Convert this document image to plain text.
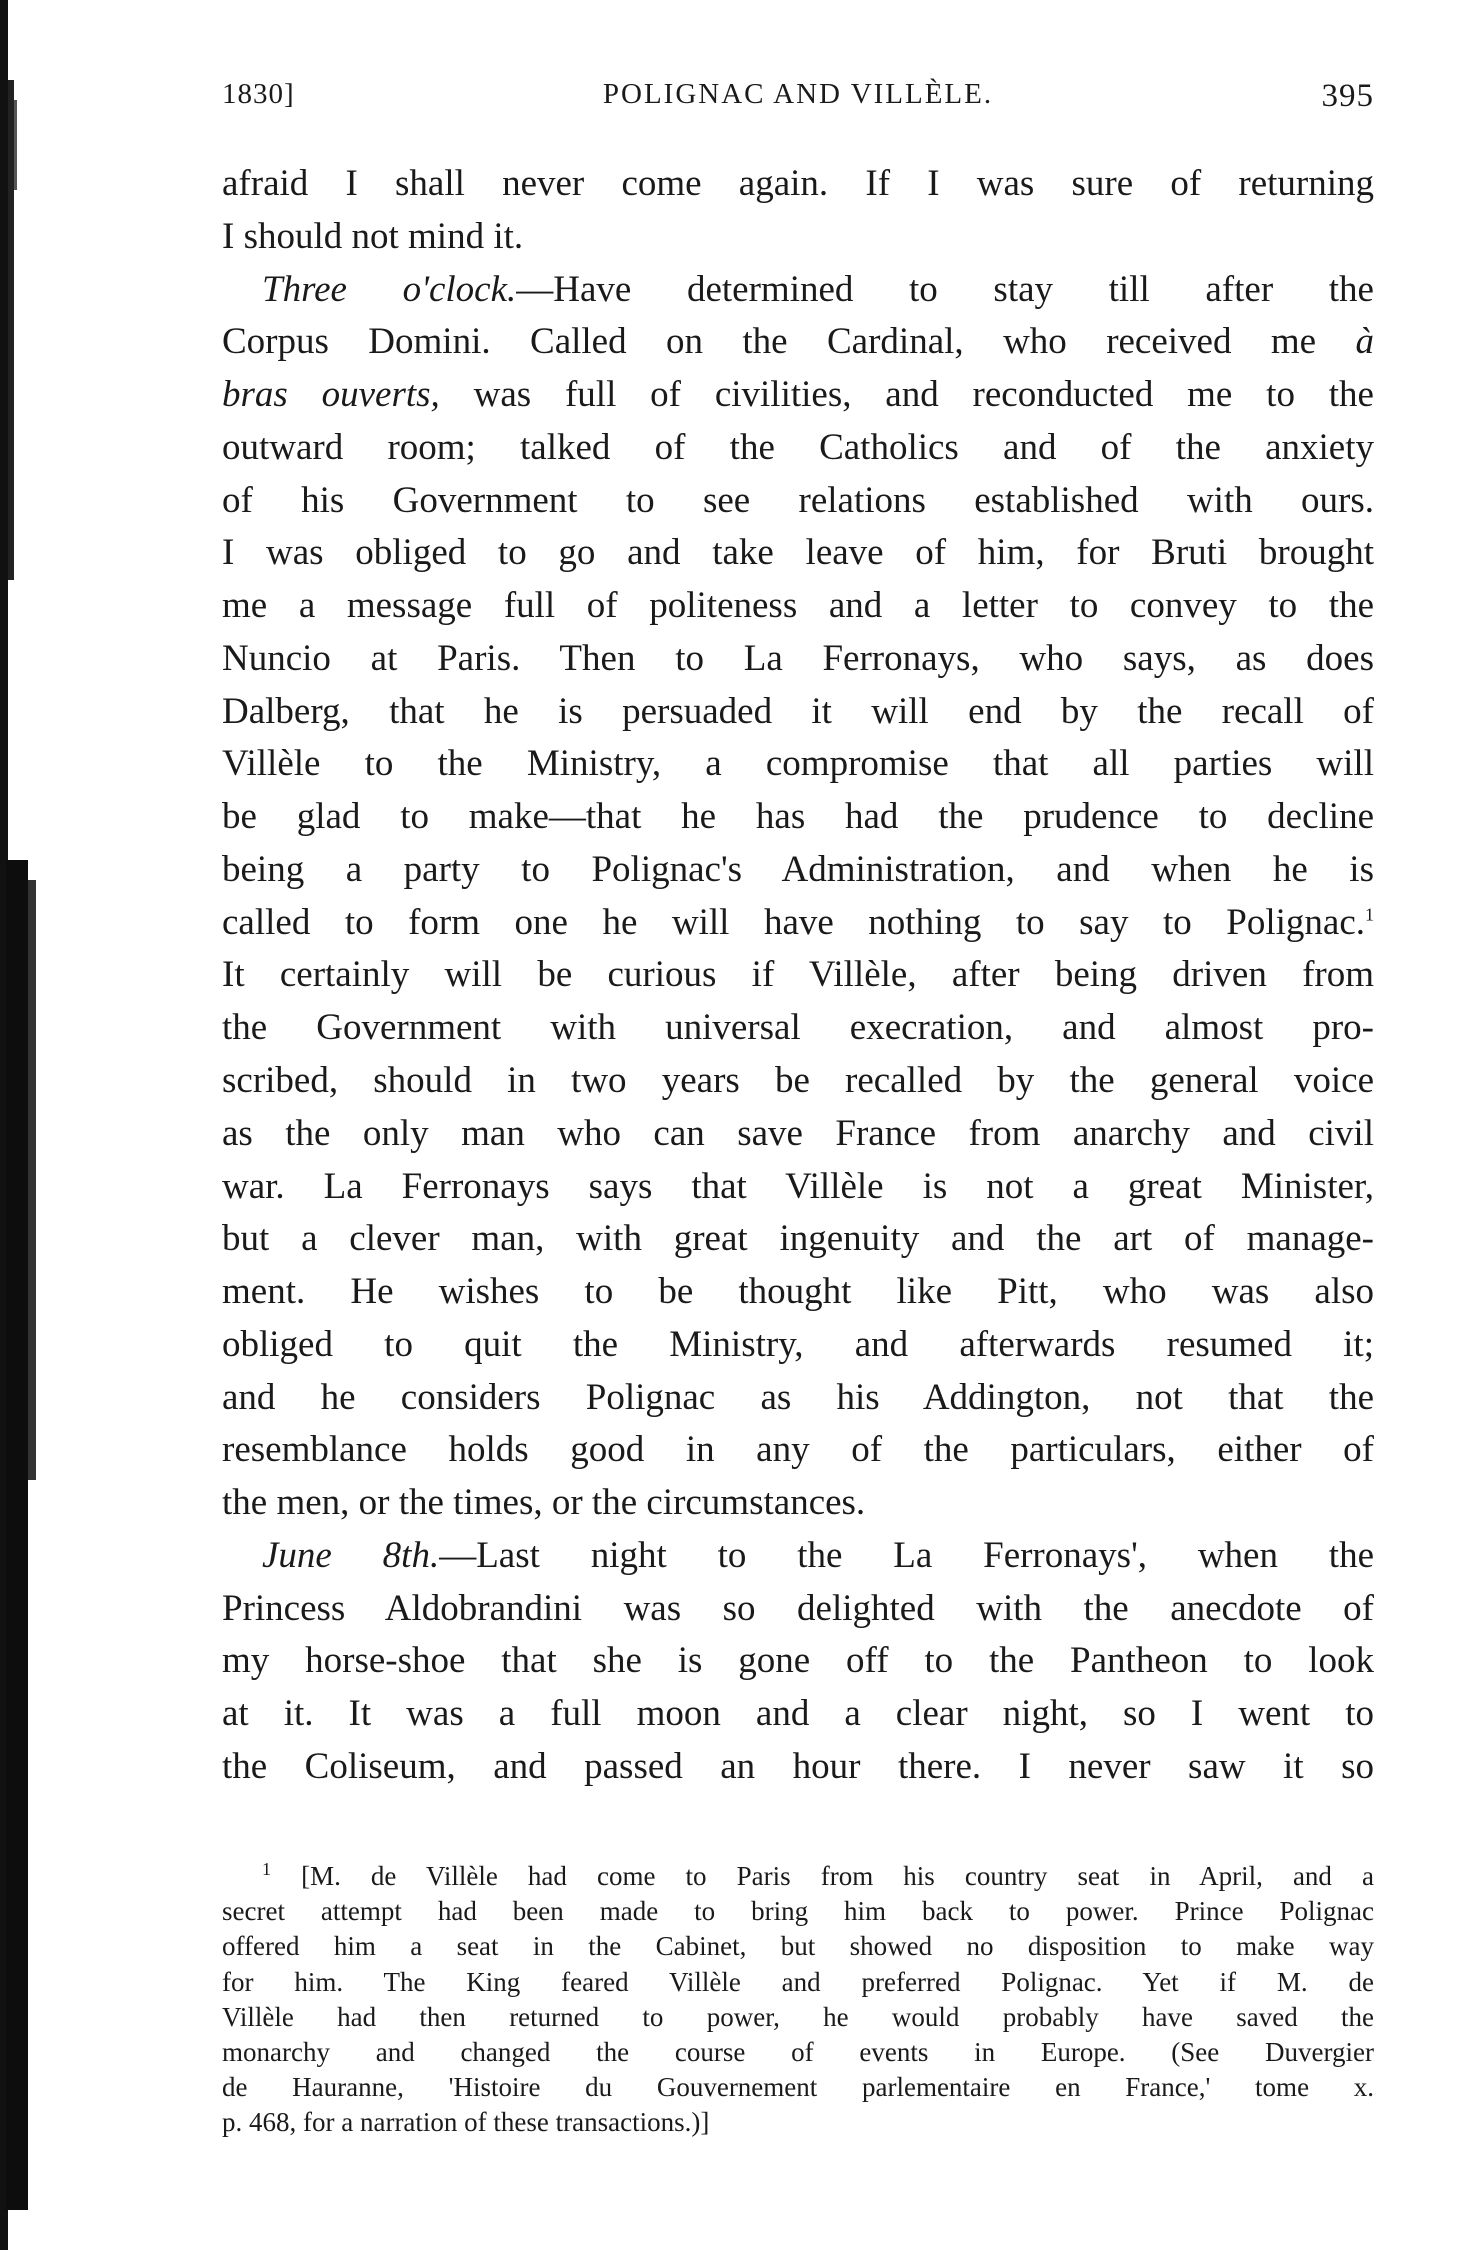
1830]	POLIGNAC AND VILLÈLE.	395
afraid I shall never come again. If I was sure of returning
I should not mind it.
Three o'clock.—Have determined to stay till after the
Corpus Domini. Called on the Cardinal, who received me à
bras ouverts, was full of civilities, and reconducted me to the
outward room; talked of the Catholics and of the anxiety
of his Government to see relations established with ours.
I was obliged to go and take leave of him, for Bruti brought
me a message full of politeness and a letter to convey to the
Nuncio at Paris. Then to La Ferronays, who says, as does
Dalberg, that he is persuaded it will end by the recall of
Villèle to the Ministry, a compromise that all parties will
be glad to make—that he has had the prudence to decline
being a party to Polignac's Administration, and when he is
called to form one he will have nothing to say to Polignac.$^1$
It certainly will be curious if Villèle, after being driven from
the Government with universal execration, and almost pro-
scribed, should in two years be recalled by the general voice
as the only man who can save France from anarchy and civil
war. La Ferronays says that Villèle is not a great Minister,
but a clever man, with great ingenuity and the art of manage-
ment. He wishes to be thought like Pitt, who was also
obliged to quit the Ministry, and afterwards resumed it;
and he considers Polignac as his Addington, not that the
resemblance holds good in any of the particulars, either of
the men, or the times, or the circumstances.
June 8th.—Last night to the La Ferronays', when the
Princess Aldobrandini was so delighted with the anecdote of
my horse-shoe that she is gone off to the Pantheon to look
at it. It was a full moon and a clear night, so I went to
the Coliseum, and passed an hour there. I never saw it so
$^1$ [M. de Villèle had come to Paris from his country seat in April, and a
secret attempt had been made to bring him back to power. Prince Polignac
offered him a seat in the Cabinet, but showed no disposition to make way
for him. The King feared Villèle and preferred Polignac. Yet if M. de
Villèle had then returned to power, he would probably have saved the
monarchy and changed the course of events in Europe. (See Duvergier
de Hauranne, 'Histoire du Gouvernement parlementaire en France,' tome x.
p. 468, for a narration of these transactions.)]
